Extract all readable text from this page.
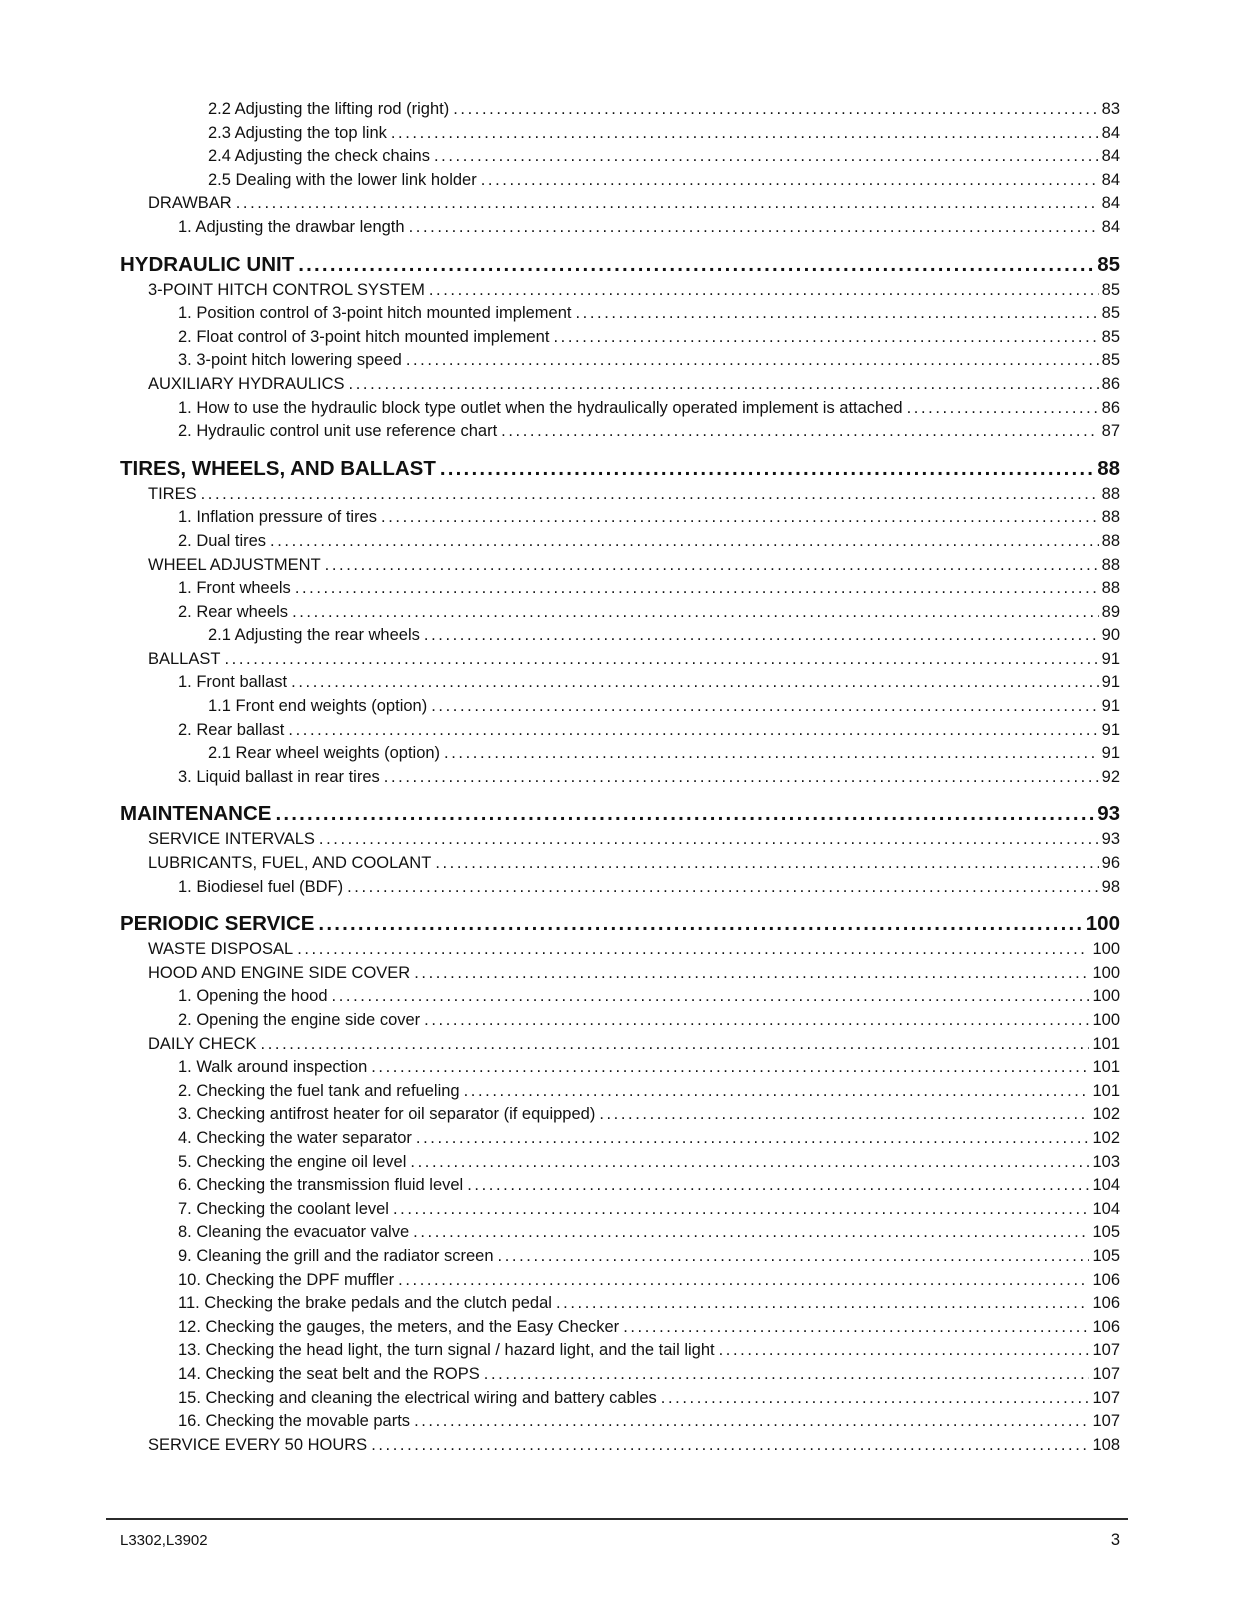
2.2 Adjusting the lifting rod (right) .....	83
2.3 Adjusting the top link .....	84
2.4 Adjusting the check chains .....	84
2.5 Dealing with the lower link holder .....	84
DRAWBAR .....	84
1. Adjusting the drawbar length .....	84
HYDRAULIC UNIT .....	85
3-POINT HITCH CONTROL SYSTEM .....	85
1. Position control of 3-point hitch mounted implement .....	85
2. Float control of 3-point hitch mounted implement .....	85
3. 3-point hitch lowering speed .....	85
AUXILIARY HYDRAULICS .....	86
1. How to use the hydraulic block type outlet when the hydraulically operated implement is attached .....	86
2. Hydraulic control unit use reference chart .....	87
TIRES, WHEELS, AND BALLAST .....	88
TIRES .....	88
1. Inflation pressure of tires .....	88
2. Dual tires .....	88
WHEEL ADJUSTMENT .....	88
1. Front wheels .....	88
2. Rear wheels .....	89
2.1 Adjusting the rear wheels .....	90
BALLAST .....	91
1. Front ballast .....	91
1.1 Front end weights (option) .....	91
2. Rear ballast .....	91
2.1 Rear wheel weights (option) .....	91
3. Liquid ballast in rear tires .....	92
MAINTENANCE .....	93
SERVICE INTERVALS .....	93
LUBRICANTS, FUEL, AND COOLANT .....	96
1. Biodiesel fuel (BDF) .....	98
PERIODIC SERVICE .....	100
WASTE DISPOSAL .....	100
HOOD AND ENGINE SIDE COVER .....	100
1. Opening the hood .....	100
2. Opening the engine side cover .....	100
DAILY CHECK .....	101
1. Walk around inspection .....	101
2. Checking the fuel tank and refueling .....	101
3. Checking antifrost heater for oil separator (if equipped) .....	102
4. Checking the water separator .....	102
5. Checking the engine oil level .....	103
6. Checking the transmission fluid level .....	104
7. Checking the coolant level .....	104
8. Cleaning the evacuator valve .....	105
9. Cleaning the grill and the radiator screen .....	105
10. Checking the DPF muffler .....	106
11. Checking the brake pedals and the clutch pedal .....	106
12. Checking the gauges, the meters, and the Easy Checker .....	106
13. Checking the head light, the turn signal / hazard light, and the tail light .....	107
14. Checking the seat belt and the ROPS .....	107
15. Checking and cleaning the electrical wiring and battery cables .....	107
16. Checking the movable parts .....	107
SERVICE EVERY 50 HOURS .....	108
L3302,L3902	3
